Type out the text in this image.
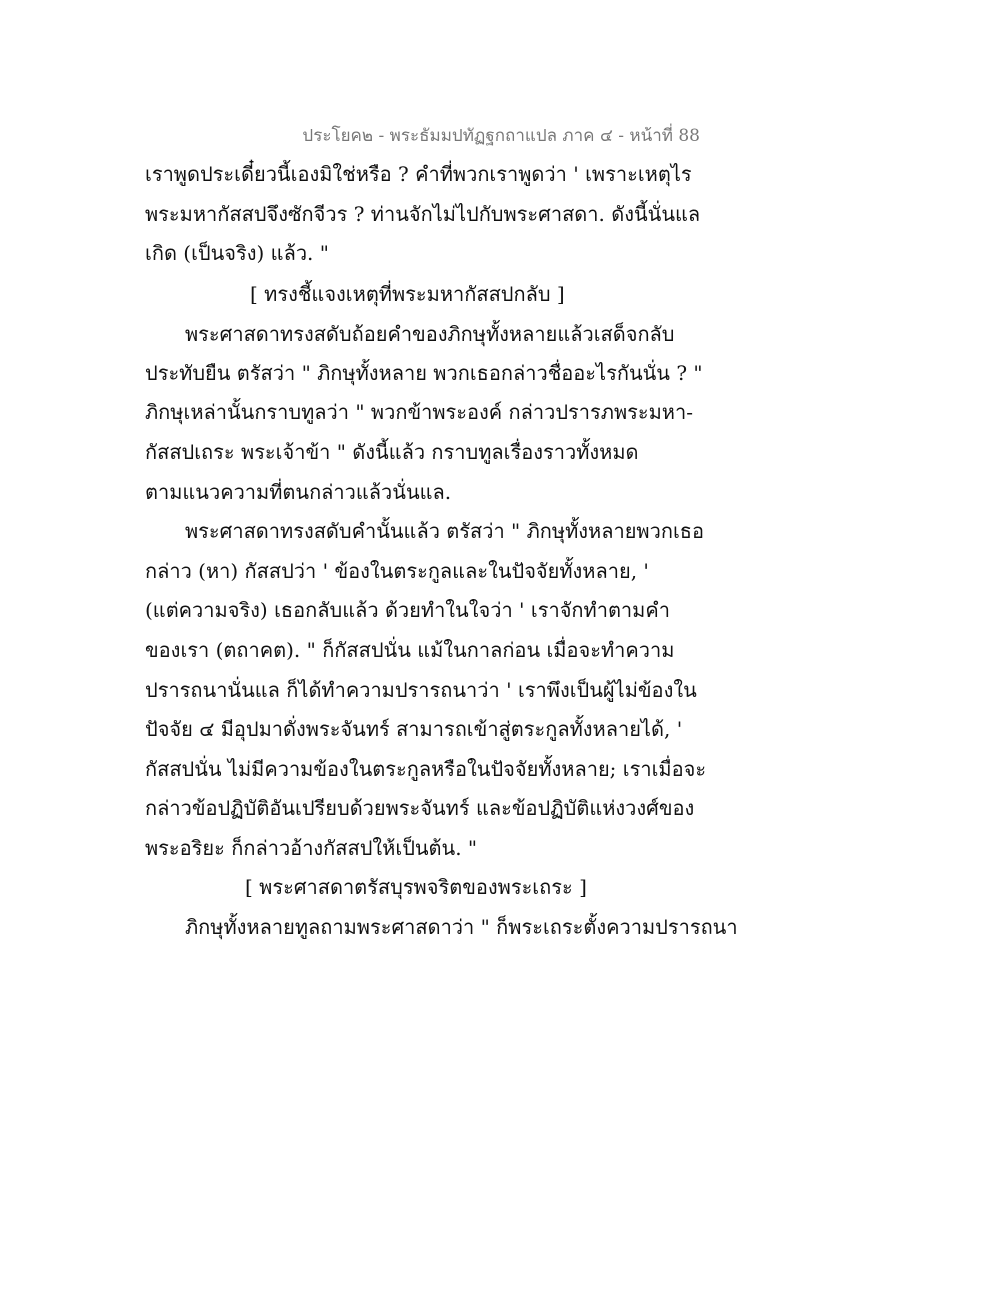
ประโยค๒ - พระธัมมปทัฏฐกถาแปล ภาค ๔ - หน้าที่ 88
เราพูดประเดี๋ยวนี้เองมิใช่หรือ ? คำที่พวกเราพูดว่า ' เพราะเหตุไร
พระมหากัสสปจึงซักจีวร ? ท่านจักไม่ไปกับพระศาสดา. ดังนี้นั่นแล
เกิด (เป็นจริง) แล้ว. "
[ ทรงชี้แจงเหตุที่พระมหากัสสปกลับ ]
พระศาสดาทรงสดับถ้อยคำของภิกษุทั้งหลายแล้วเสด็จกลับ
ประทับยืน ตรัสว่า " ภิกษุทั้งหลาย พวกเธอกล่าวชื่ออะไรกันนั่น ? "
ภิกษุเหล่านั้นกราบทูลว่า " พวกข้าพระองค์ กล่าวปรารภพระมหา-
กัสสปเถระ พระเจ้าข้า " ดังนี้แล้ว กราบทูลเรื่องราวทั้งหมด
ตามแนวความที่ตนกล่าวแล้วนั่นแล.
พระศาสดาทรงสดับคำนั้นแล้ว ตรัสว่า " ภิกษุทั้งหลายพวกเธอ
กล่าว (หา) กัสสปว่า ' ข้องในตระกูลและในปัจจัยทั้งหลาย, '
(แต่ความจริง) เธอกลับแล้ว ด้วยทำในใจว่า ' เราจักทำตามคำ
ของเรา (ตถาคต). " ก็กัสสปนั่น แม้ในกาลก่อน เมื่อจะทำความ
ปรารถนานั่นแล ก็ได้ทำความปรารถนาว่า ' เราพึงเป็นผู้ไม่ข้องใน
ปัจจัย ๔ มีอุปมาดั่งพระจันทร์ สามารถเข้าสู่ตระกูลทั้งหลายได้, '
กัสสปนั่น ไม่มีความข้องในตระกูลหรือในปัจจัยทั้งหลาย; เราเมื่อจะ
กล่าวข้อปฏิบัติอันเปรียบด้วยพระจันทร์ และข้อปฏิบัติแห่งวงศ์ของ
พระอริยะ ก็กล่าวอ้างกัสสปให้เป็นต้น. "
[ พระศาสดาตรัสบุรพจริตของพระเถระ ]
ภิกษุทั้งหลายทูลถามพระศาสดาว่า " ก็พระเถระตั้งความปรารถนา
